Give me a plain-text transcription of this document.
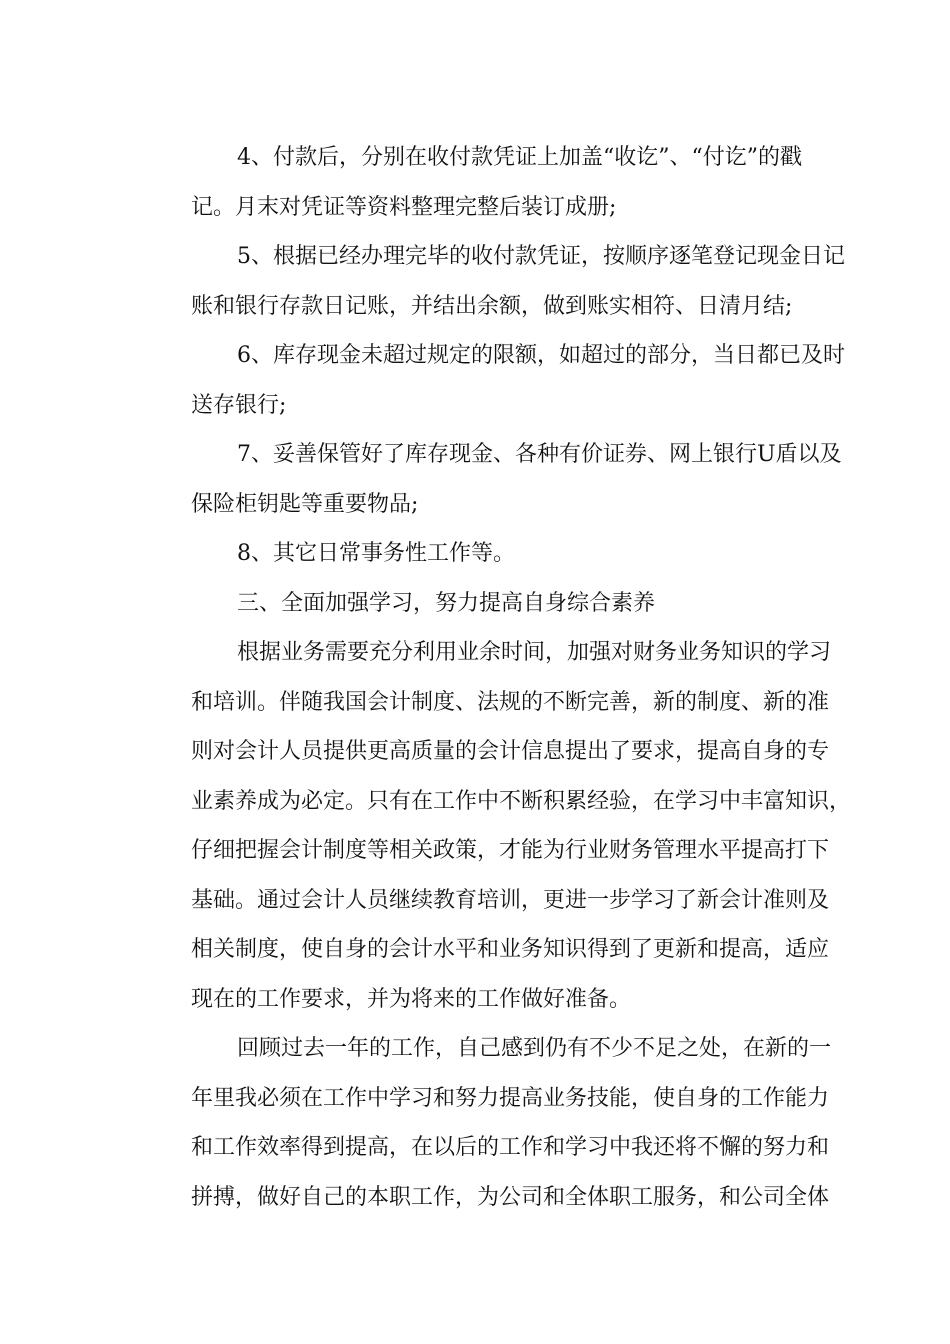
4、付款后，分别在收付款凭证上加盖“收讫”、“付讫”的戳
记。月末对凭证等资料整理完整后装订成册;
5、根据已经办理完毕的收付款凭证，按顺序逐笔登记现金日记
账和银行存款日记账，并结出余额，做到账实相符、日清月结;
6、库存现金未超过规定的限额，如超过的部分，当日都已及时
送存银行;
7、妥善保管好了库存现金、各种有价证券、网上银行U盾以及
保险柜钥匙等重要物品;
8、其它日常事务性工作等。
三、全面加强学习，努力提高自身综合素养
根据业务需要充分利用业余时间，加强对财务业务知识的学习
和培训。伴随我国会计制度、法规的不断完善，新的制度、新的准
则对会计人员提供更高质量的会计信息提出了要求，提高自身的专
业素养成为必定。只有在工作中不断积累经验，在学习中丰富知识，
仔细把握会计制度等相关政策，才能为行业财务管理水平提高打下
基础。通过会计人员继续教育培训，更进一步学习了新会计准则及
相关制度，使自身的会计水平和业务知识得到了更新和提高，适应
现在的工作要求，并为将来的工作做好准备。
回顾过去一年的工作，自己感到仍有不少不足之处，在新的一
年里我必须在工作中学习和努力提高业务技能，使自身的工作能力
和工作效率得到提高，在以后的工作和学习中我还将不懈的努力和
拼搏，做好自己的本职工作，为公司和全体职工服务，和公司全体
